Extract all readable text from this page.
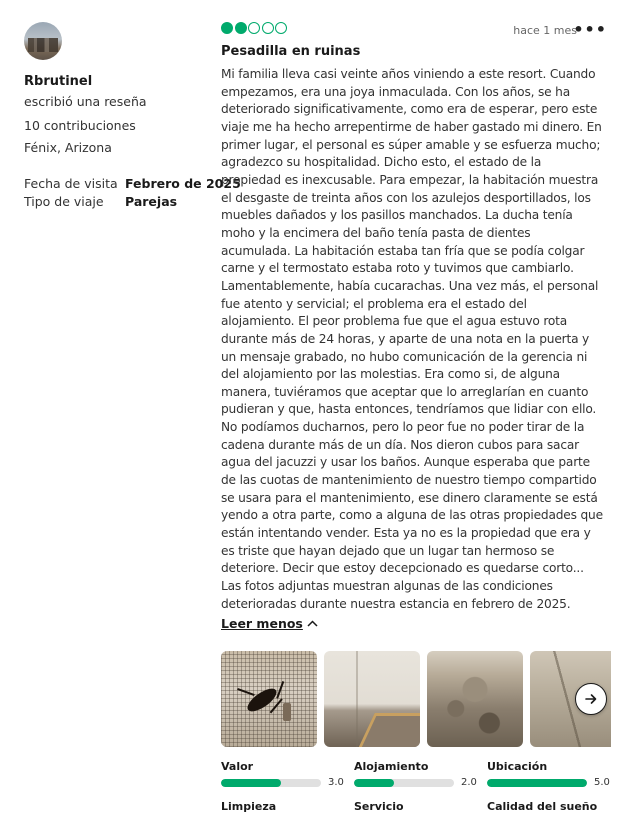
Rbrutinel
escribió una reseña
10 contribuciones
Fénix, Arizona
Fecha de visita Febrero de 2025
Tipo de viaje	Parejas
hace 1 mes
•••
Pesadilla en ruinas
Mi familia lleva casi veinte años viniendo a este resort. Cuando empezamos, era una joya inmaculada. Con los años, se ha deteriorado significativamente, como era de esperar, pero este viaje me ha hecho arrepentirme de haber gastado mi dinero. En primer lugar, el personal es súper amable y se esfuerza mucho; agradezco su hospitalidad. Dicho esto, el estado de la propiedad es inexcusable. Para empezar, la habitación muestra el desgaste de treinta años con los azulejos desportillados, los muebles dañados y los pasillos manchados. La ducha tenía moho y la encimera del baño tenía pasta de dientes acumulada. La habitación estaba tan fría que se podía colgar carne y el termostato estaba roto y tuvimos que cambiarlo. Lamentablemente, había cucarachas. Una vez más, el personal fue atento y servicial; el problema era el estado del alojamiento. El peor problema fue que el agua estuvo rota durante más de 24 horas, y aparte de una nota en la puerta y un mensaje grabado, no hubo comunicación de la gerencia ni del alojamiento por las molestias. Era como si, de alguna manera, tuviéramos que aceptar que lo arreglarían en cuanto pudieran y que, hasta entonces, tendríamos que lidiar con ello. No podíamos ducharnos, pero lo peor fue no poder tirar de la cadena durante más de un día. Nos dieron cubos para sacar agua del jacuzzi y usar los baños. Aunque esperaba que parte de las cuotas de mantenimiento de nuestro tiempo compartido se usara para el mantenimiento, ese dinero claramente se está yendo a otra parte, como a alguna de las otras propiedades que están intentando vender. Esta ya no es la propiedad que era y es triste que hayan dejado que un lugar tan hermoso se deteriore. Decir que estoy decepcionado es quedarse corto... Las fotos adjuntas muestran algunas de las condiciones deterioradas durante nuestra estancia en febrero de 2025.
Leer menos
Valor
3.0
Alojamiento
2.0
Ubicación
5.0
Limpieza	Servicio	Calidad del sueño
